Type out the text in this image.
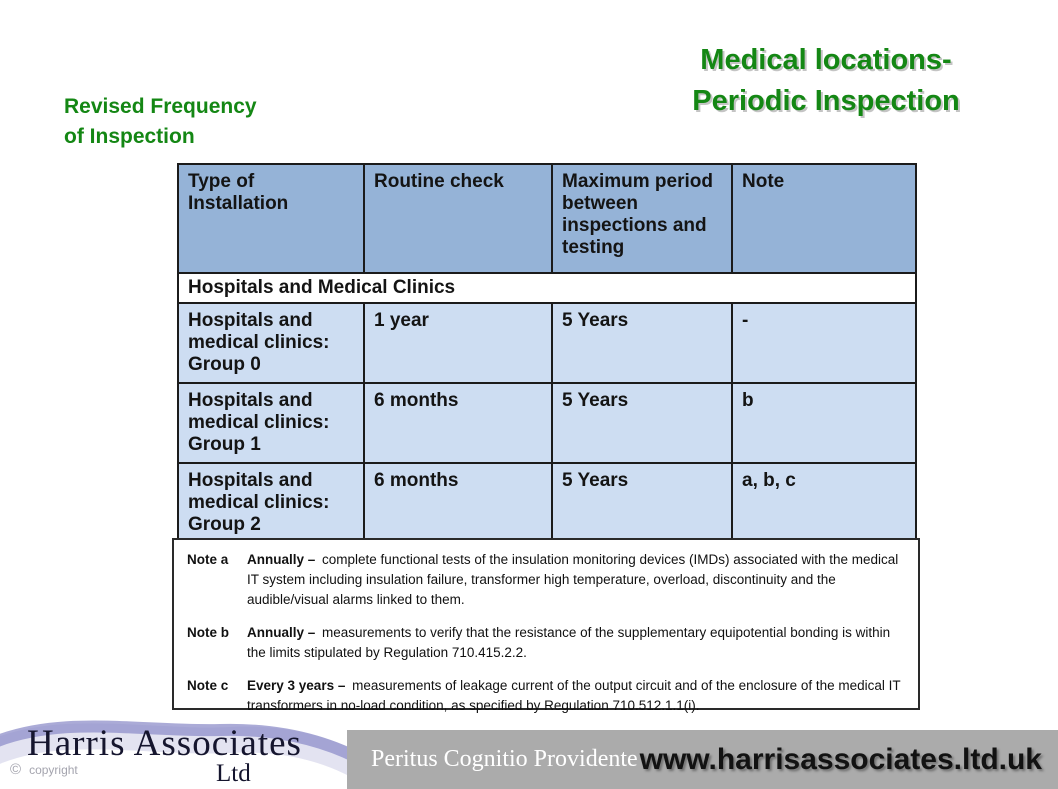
Revised Frequency
of Inspection
Medical locations-
Periodic Inspection
Type of Installation	Routine check	Maximum period between inspections and testing	Note
Hospitals and Medical Clinics			
Hospitals and medical clinics: Group 0	1 year	5 Years	-
Hospitals and medical clinics: Group 1	6 months	5 Years	b
Hospitals and medical clinics: Group 2	6 months	5 Years	a, b, c
Note a	Annually – complete functional tests of the insulation monitoring devices (IMDs) associated with the medical IT system including insulation failure, transformer high temperature, overload, discontinuity and the audible/visual alarms linked to them.
Note b	Annually – measurements to verify that the resistance of the supplementary equipotential bonding is within the limits stipulated by Regulation 710.415.2.2.
Note c	Every 3 years – measurements of leakage current of the output circuit and of the enclosure of the medical IT transformers in no-load condition, as specified by Regulation 710.512.1.1(i).
Harris Associates
Ltd
© copyright	Peritus Cognitio Providente www.harrisassociates.ltd.uk
